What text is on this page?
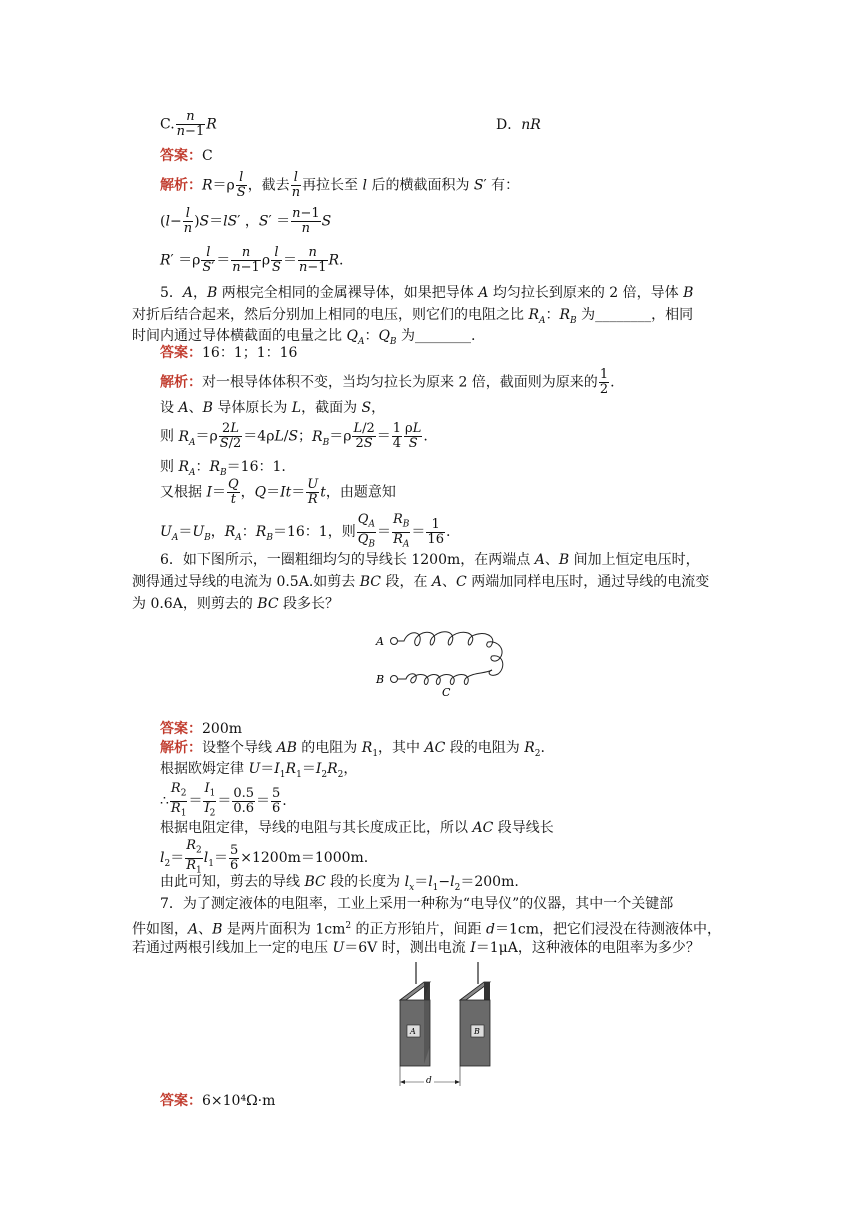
C. $\frac{n}{n-1}$ R	D．nR
答案：C
解析：$R=\rho \frac{l}{S}$ ，截去 $\frac{l}{n}$ 再拉长至 l 后的横截面积为 S′ 有：
$(l- \frac{l}{n} )S=lS'$ ，$S' = \frac{n-1}{n}$ S
$R' =\rho \frac{l}{S'} = \frac{n}{n-1}$ ρ $\frac{l}{S} = \frac{n}{n-1} R$.
5．A，B 两根完全相同的金属裸导体，如果把导体 A 均匀拉长到原来的 2 倍，导体 B
对折后结合起来，然后分别加上相同的电压，则它们的电阻之比 $R_A$：$R_B$ 为________，相同
时间内通过导体横截面的电量之比 $Q_A$：$Q_B$ 为________.
答案：16：1；1：16
解析：对一根导体体积不变，当均匀拉长为原来 2 倍，截面则为原来的 $\frac{1}{2}$ .
设 A、B 导体原长为 L，截面为 S，
则 $R_A=\rho \frac{2L}{S/2} =4\rho L/S$；$R_B=\rho \frac{L/2}{2S} = \frac{1}{4} \frac{\rho L}{S}$ .
则 $R_A$：$R_B=16$：1.
又根据 $I= \frac{Q}{t}$ ，$Q=It= \frac{U}{R}$ t，由题意知
$U_A=U_B$，$R_A$：$R_B=16$：1，则 $\frac{Q_A}{Q_B} = \frac{R_B}{R_A} = \frac{1}{16}$ .
6．如下图所示，一圈粗细均匀的导线长 1200m，在两端点 A、B 间加上恒定电压时，
测得通过导线的电流为 0.5A.如剪去 BC 段，在 A、C 两端加同样电压时，通过导线的电流变
为 0.6A，则剪去的 BC 段多长？
A
B
C
答案：200m
解析：设整个导线 AB 的电阻为 $R_1$，其中 AC 段的电阻为 $R_2$.
根据欧姆定律 $U=I_1R_1=I_2R_2$，
∴ $\frac{R_2}{R_1} = \frac{I_1}{I_2} = \frac{0.5}{0.6} = \frac{5}{6}$ .
根据电阻定律，导线的电阻与其长度成正比，所以 AC 段导线长
$l_2= \frac{R_2}{R_1} l_1= \frac{5}{6} \times 1200m=1000m$.
由此可知，剪去的导线 BC 段的长度为 $l_x=l_1-l_2=200m$.
7．为了测定液体的电阻率，工业上采用一种称为“电导仪”的仪器，其中一个关键部
件如图，A、B 是两片面积为 $1cm^2$ 的正方形铂片，间距 d＝1cm，把它们浸没在待测液体中，
若通过两根引线加上一定的电压 U＝6V 时，测出电流 I＝1μA，这种液体的电阻率为多少？
A	B
d
答案：6×10⁴Ω·m
